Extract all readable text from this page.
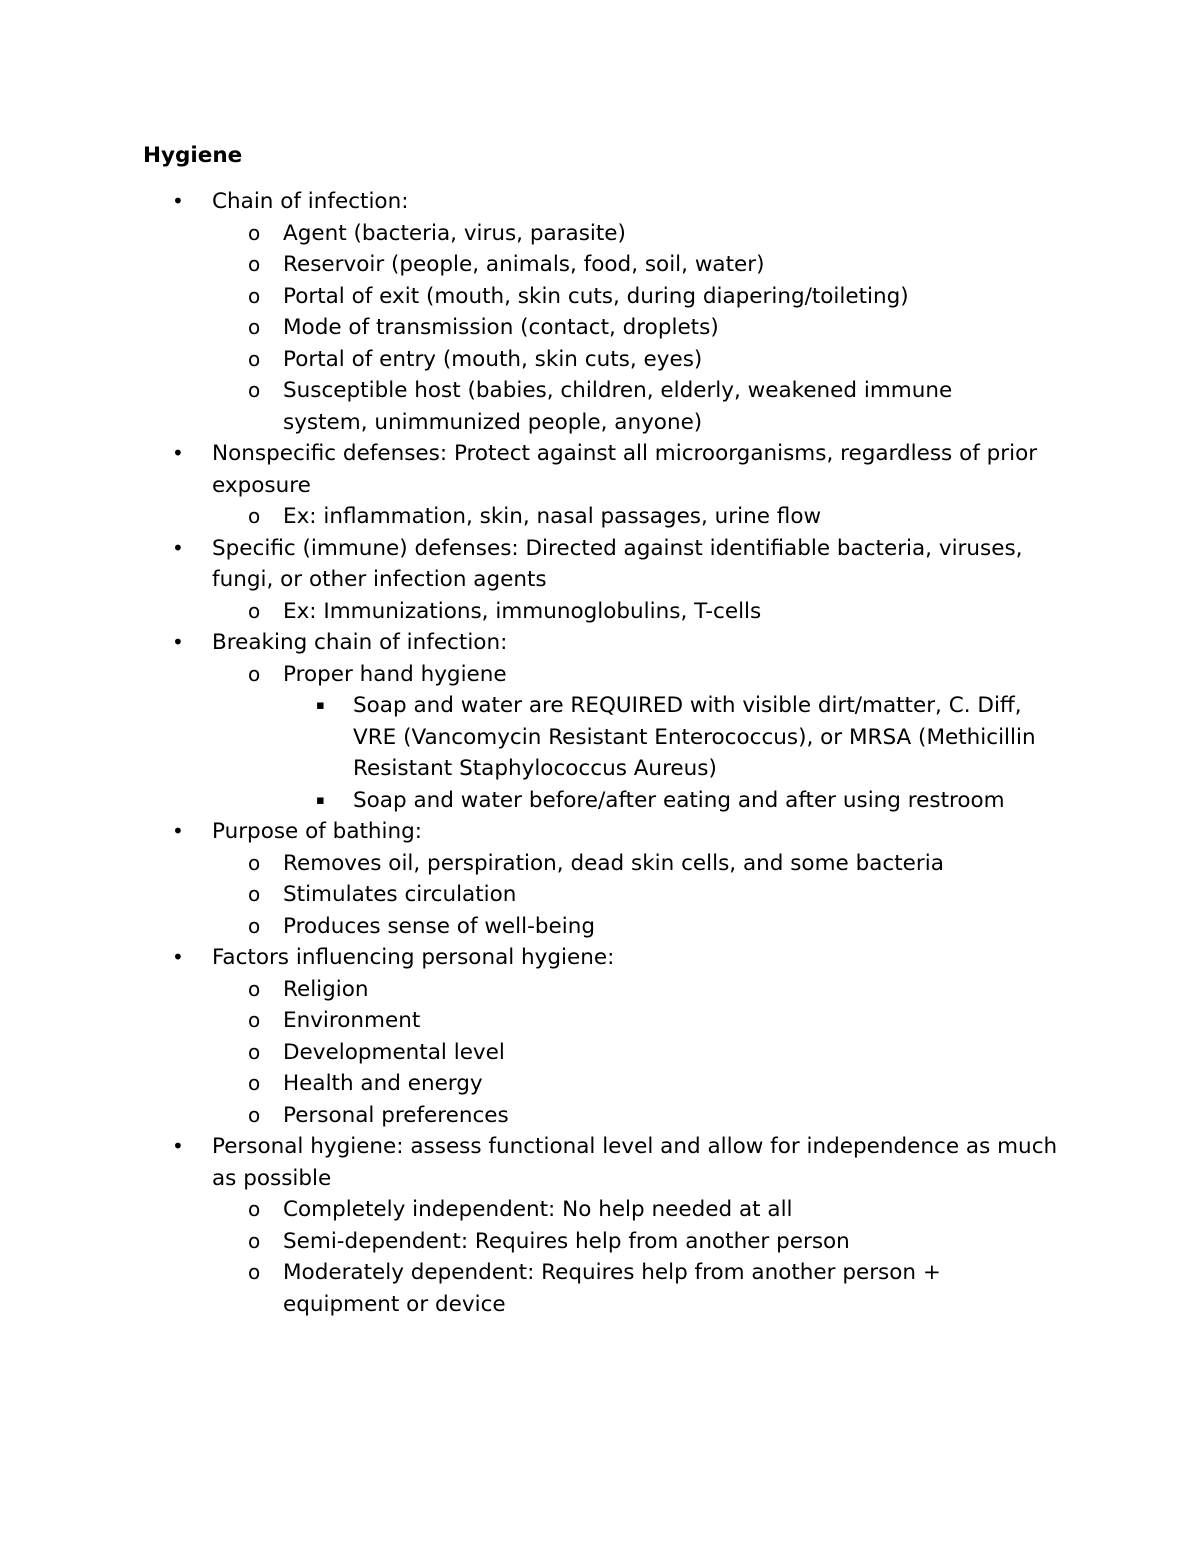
Hygiene
• Chain of infection:
o Agent (bacteria, virus, parasite)
o Reservoir (people, animals, food, soil, water)
o Portal of exit (mouth, skin cuts, during diapering/toileting)
o Mode of transmission (contact, droplets)
o Portal of entry (mouth, skin cuts, eyes)
o Susceptible host (babies, children, elderly, weakened immune system, unimmunized people, anyone)
• Nonspecific defenses: Protect against all microorganisms, regardless of prior exposure
o Ex: inflammation, skin, nasal passages, urine flow
• Specific (immune) defenses: Directed against identifiable bacteria, viruses, fungi, or other infection agents
o Ex: Immunizations, immunoglobulins, T-cells
• Breaking chain of infection:
o Proper hand hygiene
▪ Soap and water are REQUIRED with visible dirt/matter, C. Diff, VRE (Vancomycin Resistant Enterococcus), or MRSA (Methicillin Resistant Staphylococcus Aureus)
▪ Soap and water before/after eating and after using restroom
• Purpose of bathing:
o Removes oil, perspiration, dead skin cells, and some bacteria
o Stimulates circulation
o Produces sense of well-being
• Factors influencing personal hygiene:
o Religion
o Environment
o Developmental level
o Health and energy
o Personal preferences
• Personal hygiene: assess functional level and allow for independence as much as possible
o Completely independent: No help needed at all
o Semi-dependent: Requires help from another person
o Moderately dependent: Requires help from another person + equipment or device
